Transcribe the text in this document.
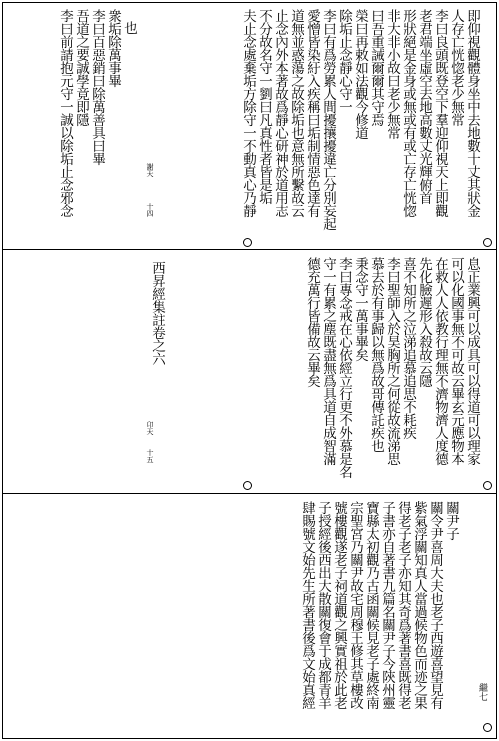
即仰視觀體身坐中去地數十丈其狀金
人存亡恍惚老少無常
李曰良頭既登空下羣迎仰視天上即觀
老君端坐虛空去地高數丈光輝俯首
形狀絕是金身或無或有或亡存亡恍惚
非大非小故曰老少無常
曰吾重誡爾爾其守焉
榮曰再敕如法觀今修道
除垢止念靜心守一
李曰有爲勞累人間擾攘擾違亡分別妄起
愛憎皆染紆入疾稱曰垢制情惡色達有
道無並惑蕩之故除垢也意無所繫故云
止念內外本著故爲靜心研神於道用志
不分故名守一劉曰凡真性者皆是垢
夫止念處棄垢方除守一不動真心乃靜
謝天
十四
也
衆垢除萬事畢
李曰百惡銷曰除萬善具曰畢
吾道之要誠學竟即隱
李曰前請抱元守一誠以除垢止念邪念
息正業興可以成具可以得道可以理家
可以化國事無不可故云畢玄元應物本
在救人人依教行理無不濟物濟人度德
先化臉遲形入殺故云隱
喜不知所之泣涕追慕追思不耗疾
李曰聖師入於昊胸所之何從故流涕思
慕去於有事歸以無爲故哥傳託疾也
秉念守一萬事畢矣
李曰專念戒在心依經立行更不外慕是名
守一有累之塵既盡無爲具道自成智滿
德充萬行皆備故云畢矣
西昇經集註卷之六
卬天
十五
關尹子
關令尹喜周大夫也老子西遊喜望見有
紫氣浮關知真人當過候物色而迹之果
得老子老子亦知其奇爲著書喜既得老
子書亦自著書九篇名關尹子今陝州靈
寶縣太初觀乃古函關候見老子處終南
宗聖宮乃關尹故宅周穆王修其草樓改
號樓觀遂老子祠道觀之興實祖於此老
子授經後西出大散關復會于成都青羊
肆賜號文始先生所著書後爲文始真經	繼七
